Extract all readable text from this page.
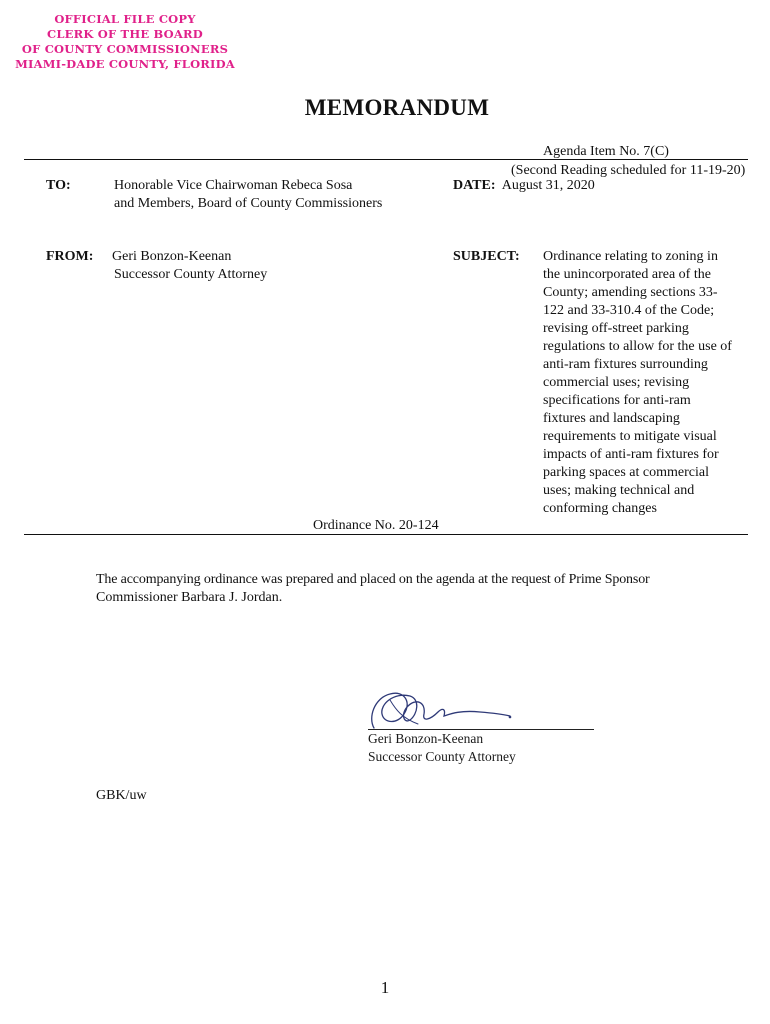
OFFICIAL FILE COPY
CLERK OF THE BOARD
OF COUNTY COMMISSIONERS
MIAMI-DADE COUNTY, FLORIDA
MEMORANDUM
Agenda Item No. 7(C)
(Second Reading scheduled for 11-19-20)
TO:	Honorable Vice Chairwoman Rebeca Sosa
and Members, Board of County Commissioners
DATE: August 31, 2020
FROM: Geri Bonzon-Keenan
Successor County Attorney
SUBJECT: Ordinance relating to zoning in
the unincorporated area of the
County; amending sections 33-
122 and 33-310.4 of the Code;
revising off-street parking
regulations to allow for the use of
anti-ram fixtures surrounding
commercial uses; revising
specifications for anti-ram
fixtures and landscaping
requirements to mitigate visual
impacts of anti-ram fixtures for
parking spaces at commercial
uses; making technical and
conforming changes
Ordinance No. 20-124
The accompanying ordinance was prepared and placed on the agenda at the request of Prime Sponsor
Commissioner Barbara J. Jordan.
Geri Bonzon-Keenan
Successor County Attorney
GBK/uw
1
